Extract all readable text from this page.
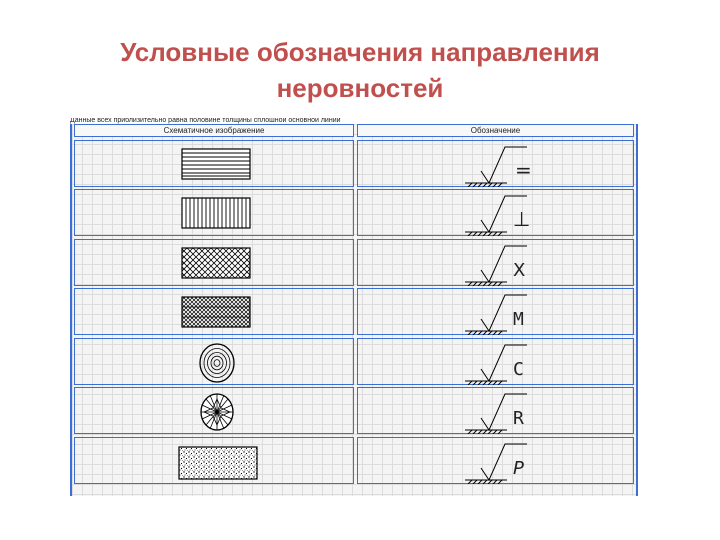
Условные обозначения направления
неровностей
Данные всех приблизительно равна половине толщины сплошной основной линии
Схематичное изображение	Обозначение
=
⊥
X
M
C
R
P
